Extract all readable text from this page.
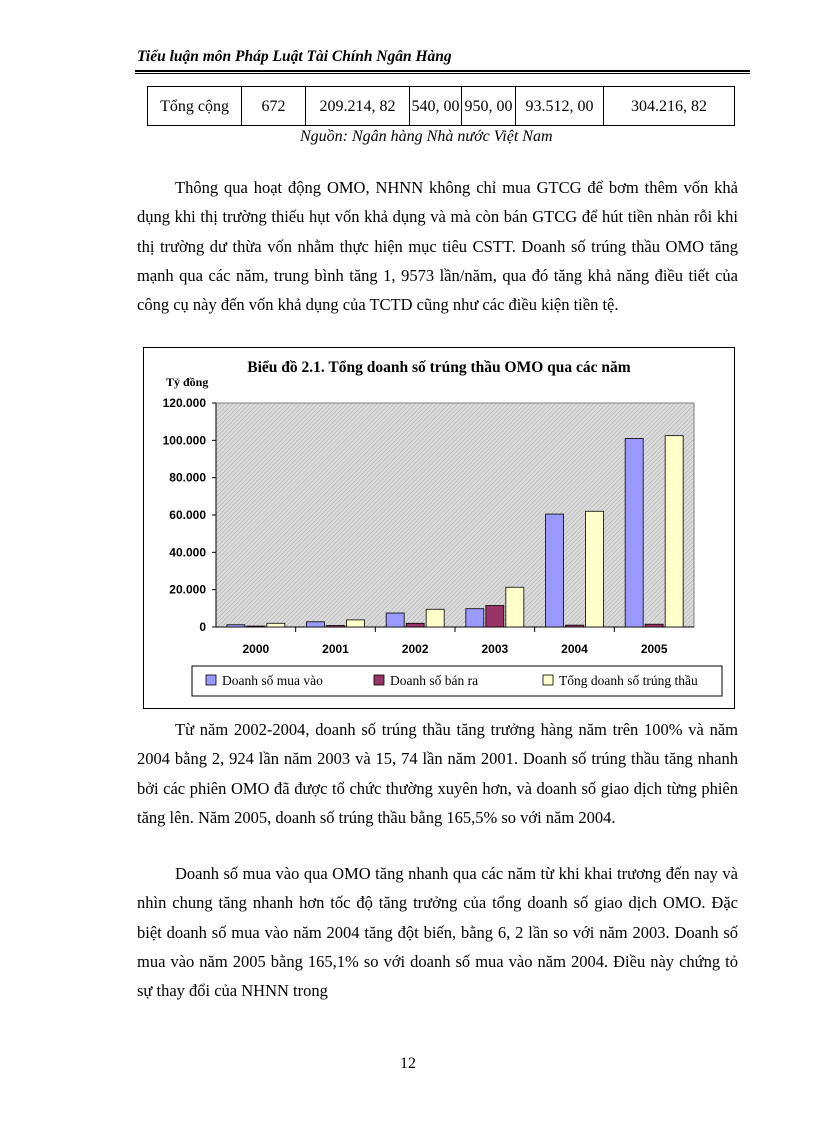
Tiểu luận môn Pháp Luật Tài Chính Ngân Hàng
Tổng cộng	672	209.214, 82	540, 00	950, 00	93.512, 00	304.216, 82
Nguồn: Ngân hàng Nhà nước Việt Nam

Thông qua hoạt động OMO, NHNN không chỉ mua GTCG để bơm thêm vốn khả dụng khi thị trường thiếu hụt vốn khả dụng và mà còn bán GTCG để hút tiền nhàn rỗi khi thị trường dư thừa vốn nhằm thực hiện mục tiêu CSTT. Doanh số trúng thầu OMO tăng mạnh qua các năm, trung bình tăng 1, 9573 lần/năm, qua đó tăng khả năng điều tiết của công cụ này đến vốn khả dụng của TCTD cũng như các điều kiện tiền tệ.

Biểu đồ 2.1. Tổng doanh số trúng thầu OMO qua các năm
Tỷ đồng
0
20.000
40.000
60.000
80.000
100.000
120.000
2000	2001	2002	2003	2004	2005
Doanh số mua vào	Doanh số bán ra	Tổng doanh số trúng thầu

Từ năm 2002-2004, doanh số trúng thầu tăng trưởng hàng năm trên 100% và năm 2004 bằng 2, 924 lần năm 2003 và 15, 74 lần năm 2001. Doanh số trúng thầu tăng nhanh bởi các phiên OMO đã được tổ chức thường xuyên hơn, và doanh số giao dịch từng phiên tăng lên. Năm 2005, doanh số trúng thầu bằng 165,5% so với năm 2004.

Doanh số mua vào qua OMO tăng nhanh qua các năm từ khi khai trương đến nay và nhìn chung tăng nhanh hơn tốc độ tăng trưởng của tổng doanh số giao dịch OMO. Đặc biệt doanh số mua vào năm 2004 tăng đột biến, bằng 6, 2 lần so với năm 2003. Doanh số mua vào năm 2005 bằng 165,1% so với doanh số mua vào năm 2004. Điều này chứng tỏ sự thay đổi của NHNN trong

12
